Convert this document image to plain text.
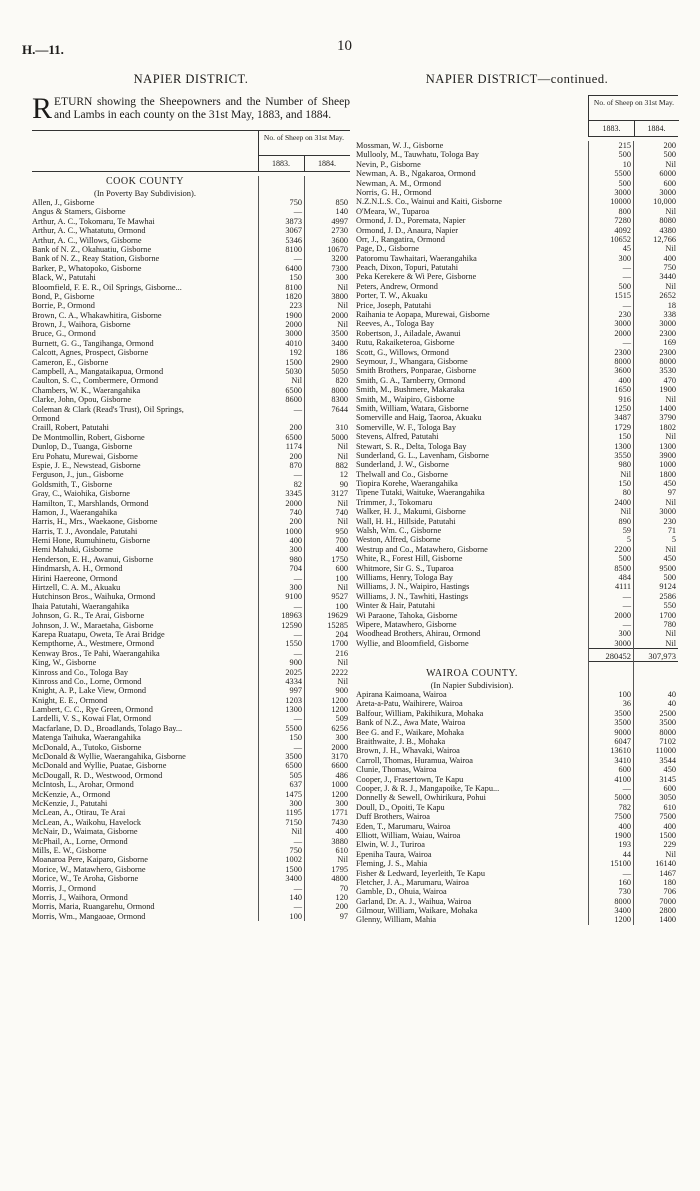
H.—11.	10
NAPIER DISTRICT.
RETURN showing the Sheepowners and the Number of Sheep and Lambs in each county on the 31st May, 1883, and 1884.
No. of Sheep on 31st May.
1883.	1884.
COOK COUNTY
(In Poverty Bay Subdivision).
Allen, J., Gisborne	750	850
Angus & Stamers, Gisborne	—	140
Arthur, A. C., Tokomaru, Te Mawhai	3873	4997
Arthur, A. C., Whatatutu, Ormond	3067	2730
Arthur, A. C., Willows, Gisborne	5346	3600
Bank of N. Z., Okahuatiu, Gisborne	8100	10670
Bank of N. Z., Reay Station, Gisborne	—	3200
Barker, P., Whatopoko, Gisborne	6400	7300
Black, W., Patutahi	150	300
Bloomfield, F. E. R., Oil Springs, Gisborne...	8100	Nil
Bond, P., Gisborne	1820	3800
Borrie, P., Ormond	223	Nil
Brown, C. A., Whakawhitira, Gisborne	1900	2000
Brown, J., Waihora, Gisborne	2000	Nil
Bruce, G., Ormond	3000	3500
Burnett, G. G., Tangihanga, Ormond	4010	3400
Calcott, Agnes, Prospect, Gisborne	192	186
Cameron, E., Gisborne	1500	2900
Campbell, A., Mangataikapua, Ormond	5030	5050
Caulton, S. C., Combermere, Ormond	Nil	820
Chambers, W. K., Waerangahika	6500	8000
Clarke, John, Opou, Gisborne	8600	8300
Coleman & Clark (Read's Trust), Oil Springs,	—	7644
Ormond
Craill, Robert, Patutahi	200	310
De Montmollin, Robert, Gisborne	6500	5000
Dunlop, D., Tuanga, Gisborne	1174	Nil
Eru Pohatu, Murewai, Gisborne	200	Nil
Espie, J. E., Newstead, Gisborne	870	882
Ferguson, J., jun., Gisborne	—	12
Goldsmith, T., Gisborne	82	90
Gray, C., Waiohika, Gisborne	3345	3127
Hamilton, T., Marshlands, Ormond	2000	Nil
Hamon, J., Waerangahika	740	740
Harris, H., Mrs., Waekaone, Gisborne	200	Nil
Harris, T. J., Avondale, Patutahi	1000	950
Hemi Hone, Rumuhinetu, Gisborne	400	700
Hemi Mahuki, Gisborne	300	400
Henderson, E. H., Awanui, Gisborne	980	1750
Hindmarsh, A. H., Ormond	704	600
Hirini Haereone, Ormond	—	100
Hirtzell, C. A. M., Akuaku	300	Nil
Hutchinson Bros., Waihuka, Ormond	9100	9527
Ihaia Patutahi, Waerangahika	—	100
Johnson, G. R., Te Arai, Gisborne	18963	19629
Johnson, J. W., Maraetaha, Gisborne	12590	15285
Karepa Ruatapu, Oweta, Te Arai Bridge	—	204
Kempthorne, A., Westmere, Ormond	1550	1700
Kenway Bros., Te Pahi, Waerangahika	—	216
King, W., Gisborne	900	Nil
Kinross and Co., Tologa Bay	2025	2222
Kinross and Co., Lorne, Ormond	4334	Nil
Knight, A. P., Lake View, Ormond	997	900
Knight, E. E., Ormond	1203	1200
Lambert, C. C., Rye Green, Ormond	1300	1200
Lardelli, V. S., Kowai Flat, Ormond	—	509
Macfarlane, D. D., Broadlands, Tolago Bay...	5500	6256
Matenga Taihuka, Waerangahika	150	300
McDonald, A., Tutoko, Gisborne	—	2000
McDonald & Wyllie, Waerangahika, Gisborne	3500	3170
McDonald and Wyllie, Puatae, Gisborne	6500	6600
McDougall, R. D., Westwood, Ormond	505	486
McIntosh, L., Arohar, Ormond	637	1000
McKenzie, A., Ormond	1475	1200
McKenzie, J., Patutahi	300	300
McLean, A., Otirau, Te Arai	1195	1771
McLean, A., Waikohu, Havelock	7150	7430
McNair, D., Waimata, Gisborne	Nil	400
McPhail, A., Lorne, Ormond	—	3880
Mills, E. W., Gisborne	750	610
Moanaroa Pere, Kaiparo, Gisborne	1002	Nil
Morice, W., Matawhero, Gisborne	1500	1795
Morice, W., Te Aroha, Gisborne	3400	4800
Morris, J., Ormond	—	70
Morris, J., Waihora, Ormond	140	120
Morris, Maria, Ruangarehu, Ormond	—	200
Morris, Wm., Mangaoae, Ormond	100	97
NAPIER DISTRICT—continued.
No. of Sheep on 31st May.
1883.	1884.
Mossman, W. J., Gisborne	215	200
Mullooly, M., Tauwhatu, Tologa Bay	500	500
Nevin, P., Gisborne	10	Nil
Newman, A. B., Ngakaroa, Ormond	5500	6000
Newman, A. M., Ormond	500	600
Norris, G. H., Ormond	3000	3000
N.Z.N.L.S. Co., Wainui and Kaiti, Gisborne	10000	10,000
O'Meara, W., Tuparoa	800	Nil
Ormond, J. D., Poremata, Napier	7280	8080
Ormond, J. D., Anaura, Napier	4092	4380
Orr, J., Rangatira, Ormond	10652	12,766
Page, D., Gisborne	45	Nil
Patoromu Tawhaitari, Waerangahika	300	400
Peach, Dixon, Topuri, Patutahi	—	750
Peka Kerekere & Wi Pere, Gisborne	—	3440
Peters, Andrew, Ormond	500	Nil
Porter, T. W., Akuaku	1515	2652
Price, Joseph, Patutahi	—	18
Raihania te Aopapa, Murewai, Gisborne	230	338
Reeves, A., Tologa Bay	3000	3000
Robertson, J., Ailadale, Awanui	2000	2300
Rutu, Rakaiketeroa, Gisborne	—	169
Scott, G., Willows, Ormond	2300	2300
Seymour, J., Whangara, Gisborne	8000	8000
Smith Brothers, Ponparae, Gisborne	3600	3530
Smith, G. A., Tarnberry, Ormond	400	470
Smith, M., Bushmere, Makaraka	1650	1900
Smith, M., Waipiro, Gisborne	916	Nil
Smith, William, Watara, Gisborne	1250	1400
Somerville and Haig, Taoroa, Akuaku	3487	3790
Somerville, W. F., Tologa Bay	1729	1802
Stevens, Alfred, Patutahi	150	Nil
Stewart, S. R., Delta, Tologa Bay	1300	1300
Sunderland, G. L., Lavenham, Gisborne	3550	3900
Sunderland, J. W., Gisborne	980	1000
Thelwall and Co., Gisborne	Nil	1800
Tiopira Korehe, Waerangahika	150	450
Tipene Tutaki, Waituke, Waerangahika	80	97
Trimmer, J., Tokomaru	2400	Nil
Walker, H. J., Makumi, Gisborne	Nil	3000
Wall, H. H., Hillside, Patutahi	890	230
Walsh, Wm. C., Gisborne	59	71
Weston, Alfred, Gisborne	5	5
Westrup and Co., Matawhero, Gisborne	2200	Nil
White, R., Forest Hill, Gisborne	500	450
Whitmore, Sir G. S., Tuparoa	8500	9500
Williams, Henry, Tologa Bay	484	500
Williams, J. N., Waipiro, Hastings	4111	9124
Williams, J. N., Tawhiti, Hastings	—	2586
Winter & Hair, Patutahi	—	550
Wi Paraone, Tahoka, Gisborne	2000	1700
Wipere, Matawhero, Gisborne	—	780
Woodhead Brothers, Ahirau, Ormond	300	Nil
Wyllie, and Bloomfield, Gisborne	3000	Nil
280452	307,973
WAIROA COUNTY.
(In Napier Subdivision).
Apirana Kaimoana, Wairoa	100	40
Areta-a-Patu, Waihirere, Wairoa	36	40
Balfour, William, Pakihikura, Mohaka	3500	2500
Bank of N.Z., Awa Mate, Wairoa	3500	3500
Bee G. and F., Waikare, Mohaka	9000	8000
Braithwaite, J. B., Mohaka	6047	7102
Brown, J. H., Whavaki, Wairoa	13610	11000
Carroll, Thomas, Huramua, Wairoa	3410	3544
Clunie, Thomas, Wairoa	600	450
Cooper, J., Frasertown, Te Kapu	4100	3145
Cooper, J. & R. J., Mangapoike, Te Kapu...	—	600
Donnelly & Sewell, Owhirikura, Pohui	5000	3050
Doull, D., Opoiti, Te Kapu	782	610
Duff Brothers, Wairoa	7500	7500
Eden, T., Marumaru, Wairoa	400	400
Elliott, William, Waiau, Wairoa	1900	1500
Elwin, W. J., Turiroa	193	229
Epeniha Taura, Wairoa	44	Nil
Fleming, J. S., Mahia	15100	16140
Fisher & Ledward, Ieyerleith, Te Kapu	—	1467
Fletcher, J. A., Marumaru, Wairoa	160	180
Gamble, D., Ohuia, Wairoa	730	706
Garland, Dr. A. J., Waihua, Wairoa	8000	7000
Gilmour, William, Waikare, Mohaka	3400	2800
Glenny, William, Mahia	1200	1400
